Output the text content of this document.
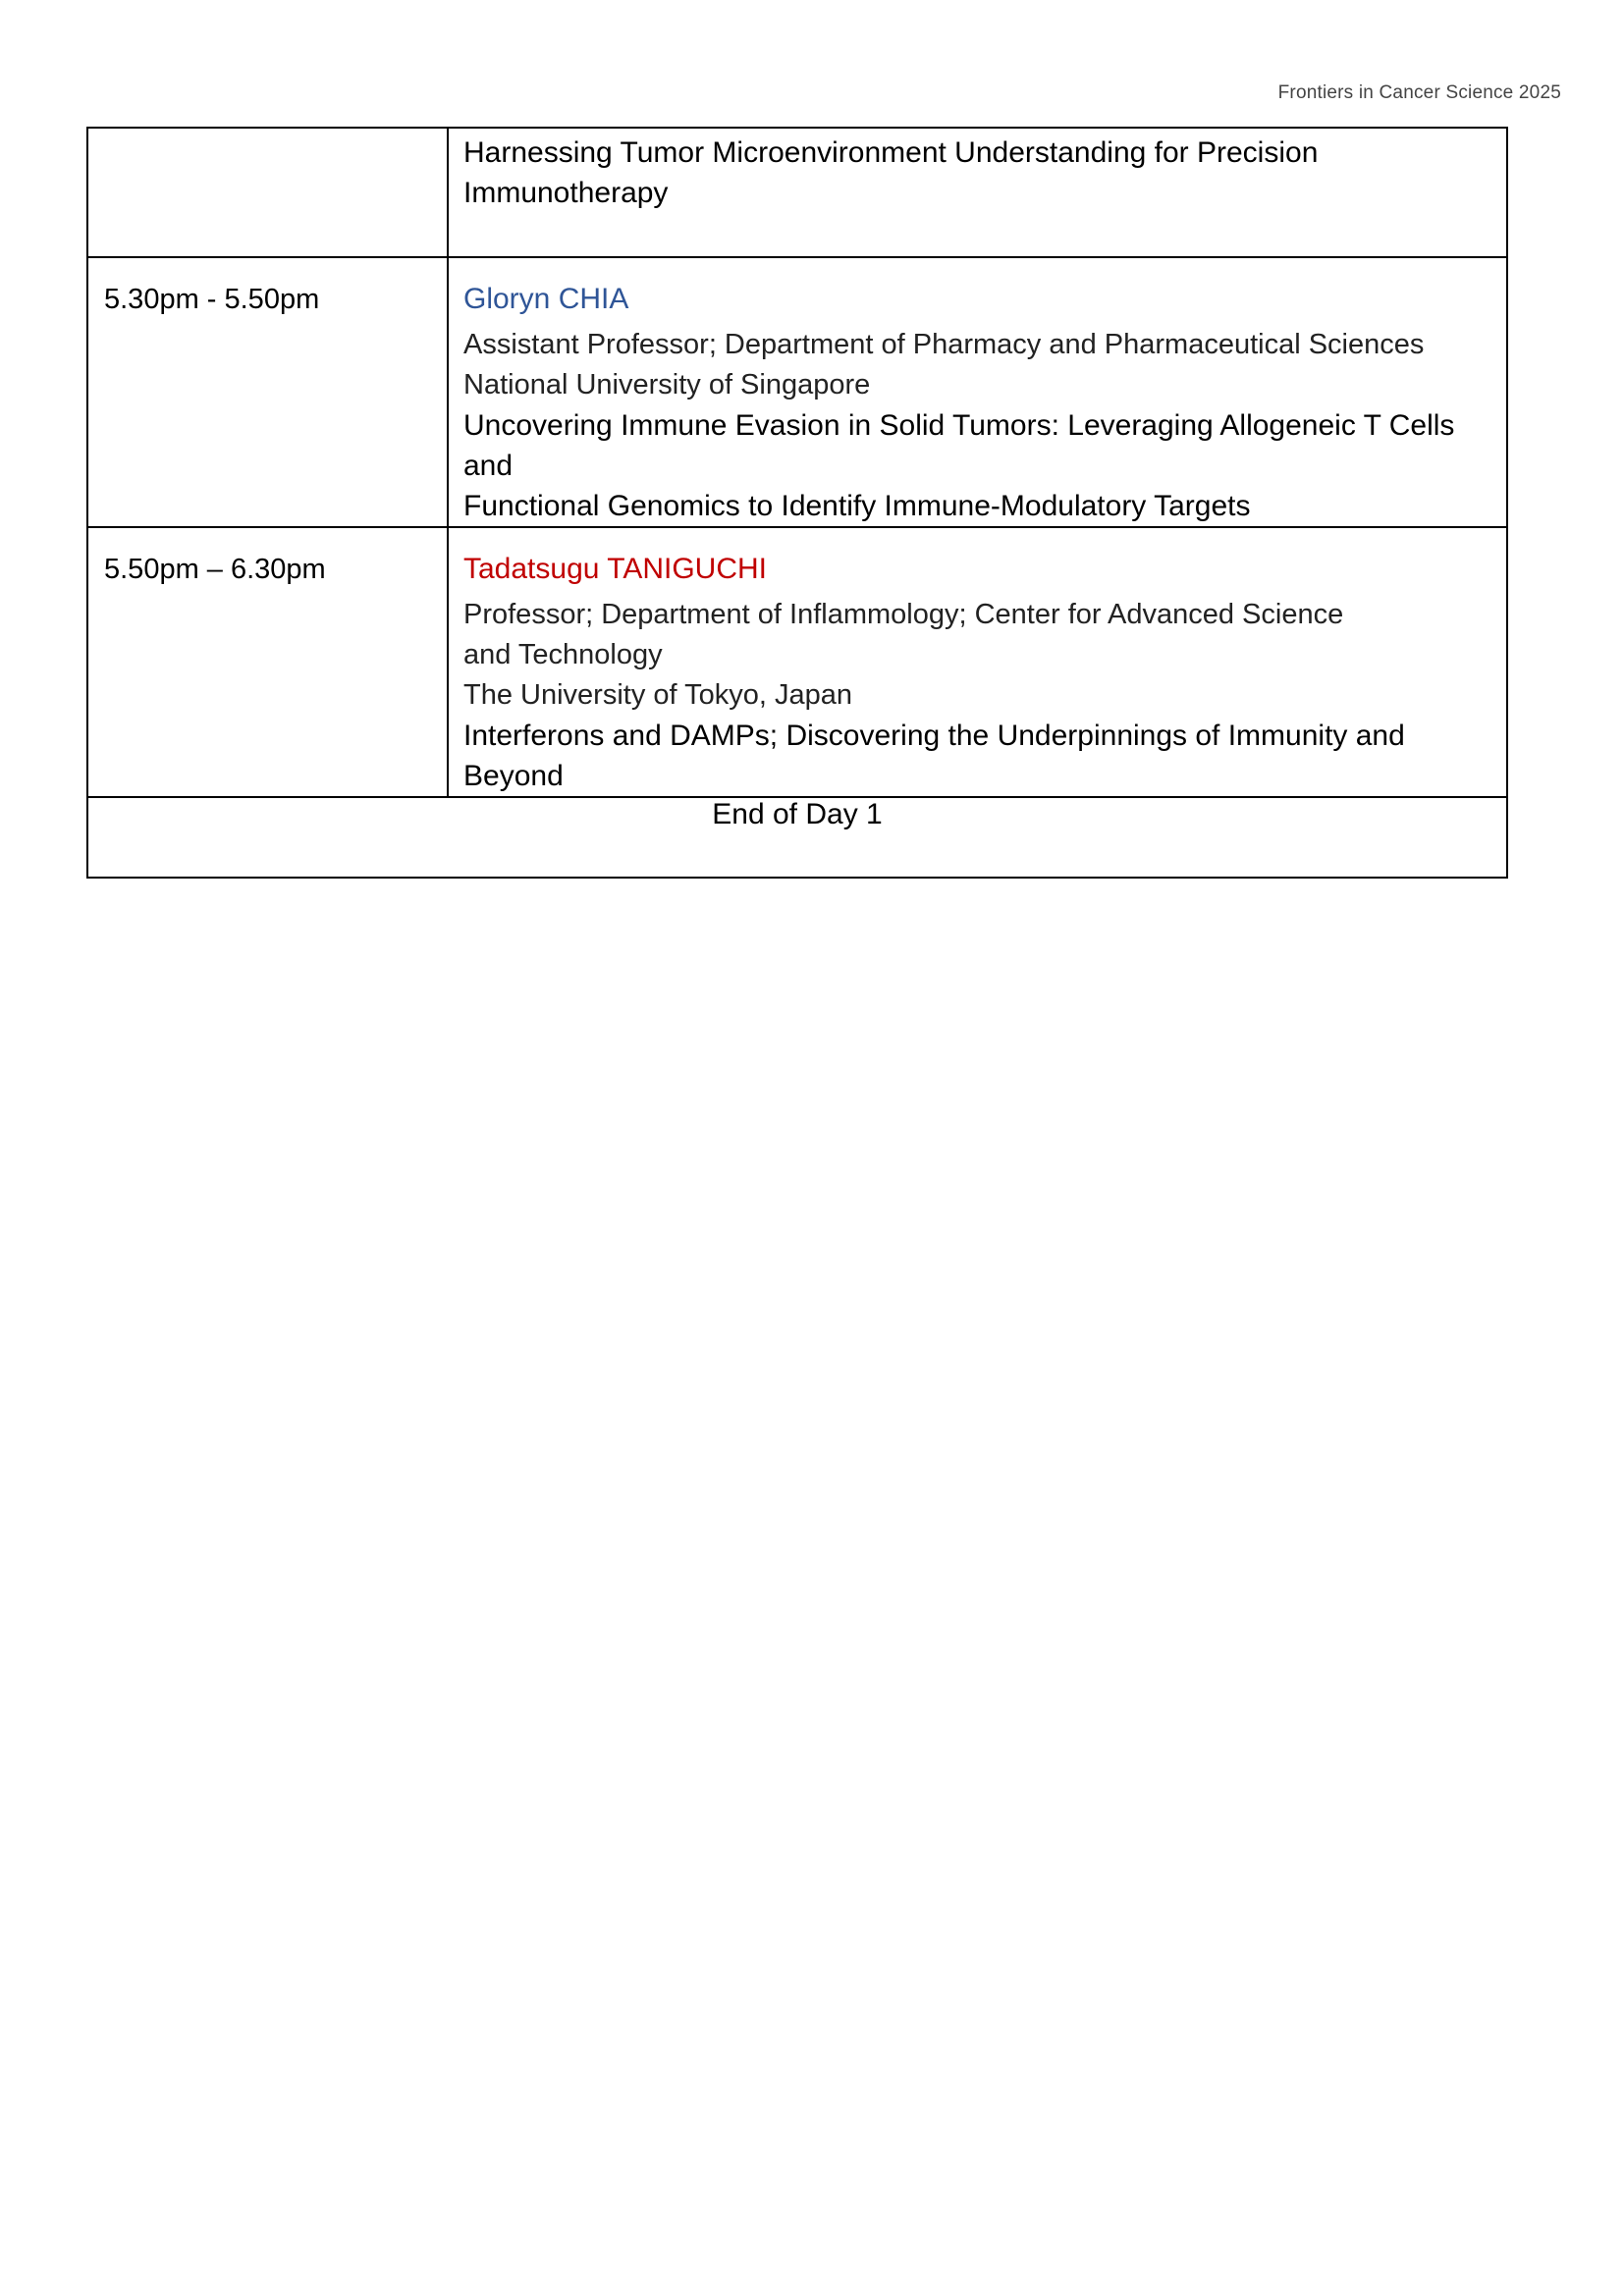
Frontiers in Cancer Science 2025

	Harnessing Tumor Microenvironment Understanding for Precision
Immunotherapy

5.30pm - 5.50pm	Gloryn CHIA
Assistant Professor; Department of Pharmacy and Pharmaceutical Sciences
National University of Singapore
Uncovering Immune Evasion in Solid Tumors: Leveraging Allogeneic T Cells and
Functional Genomics to Identify Immune-Modulatory Targets

5.50pm – 6.30pm	Tadatsugu TANIGUCHI
Professor; Department of Inflammology; Center for Advanced Science
and Technology
The University of Tokyo, Japan
Interferons and DAMPs; Discovering the Underpinnings of Immunity and Beyond

End of Day 1	
